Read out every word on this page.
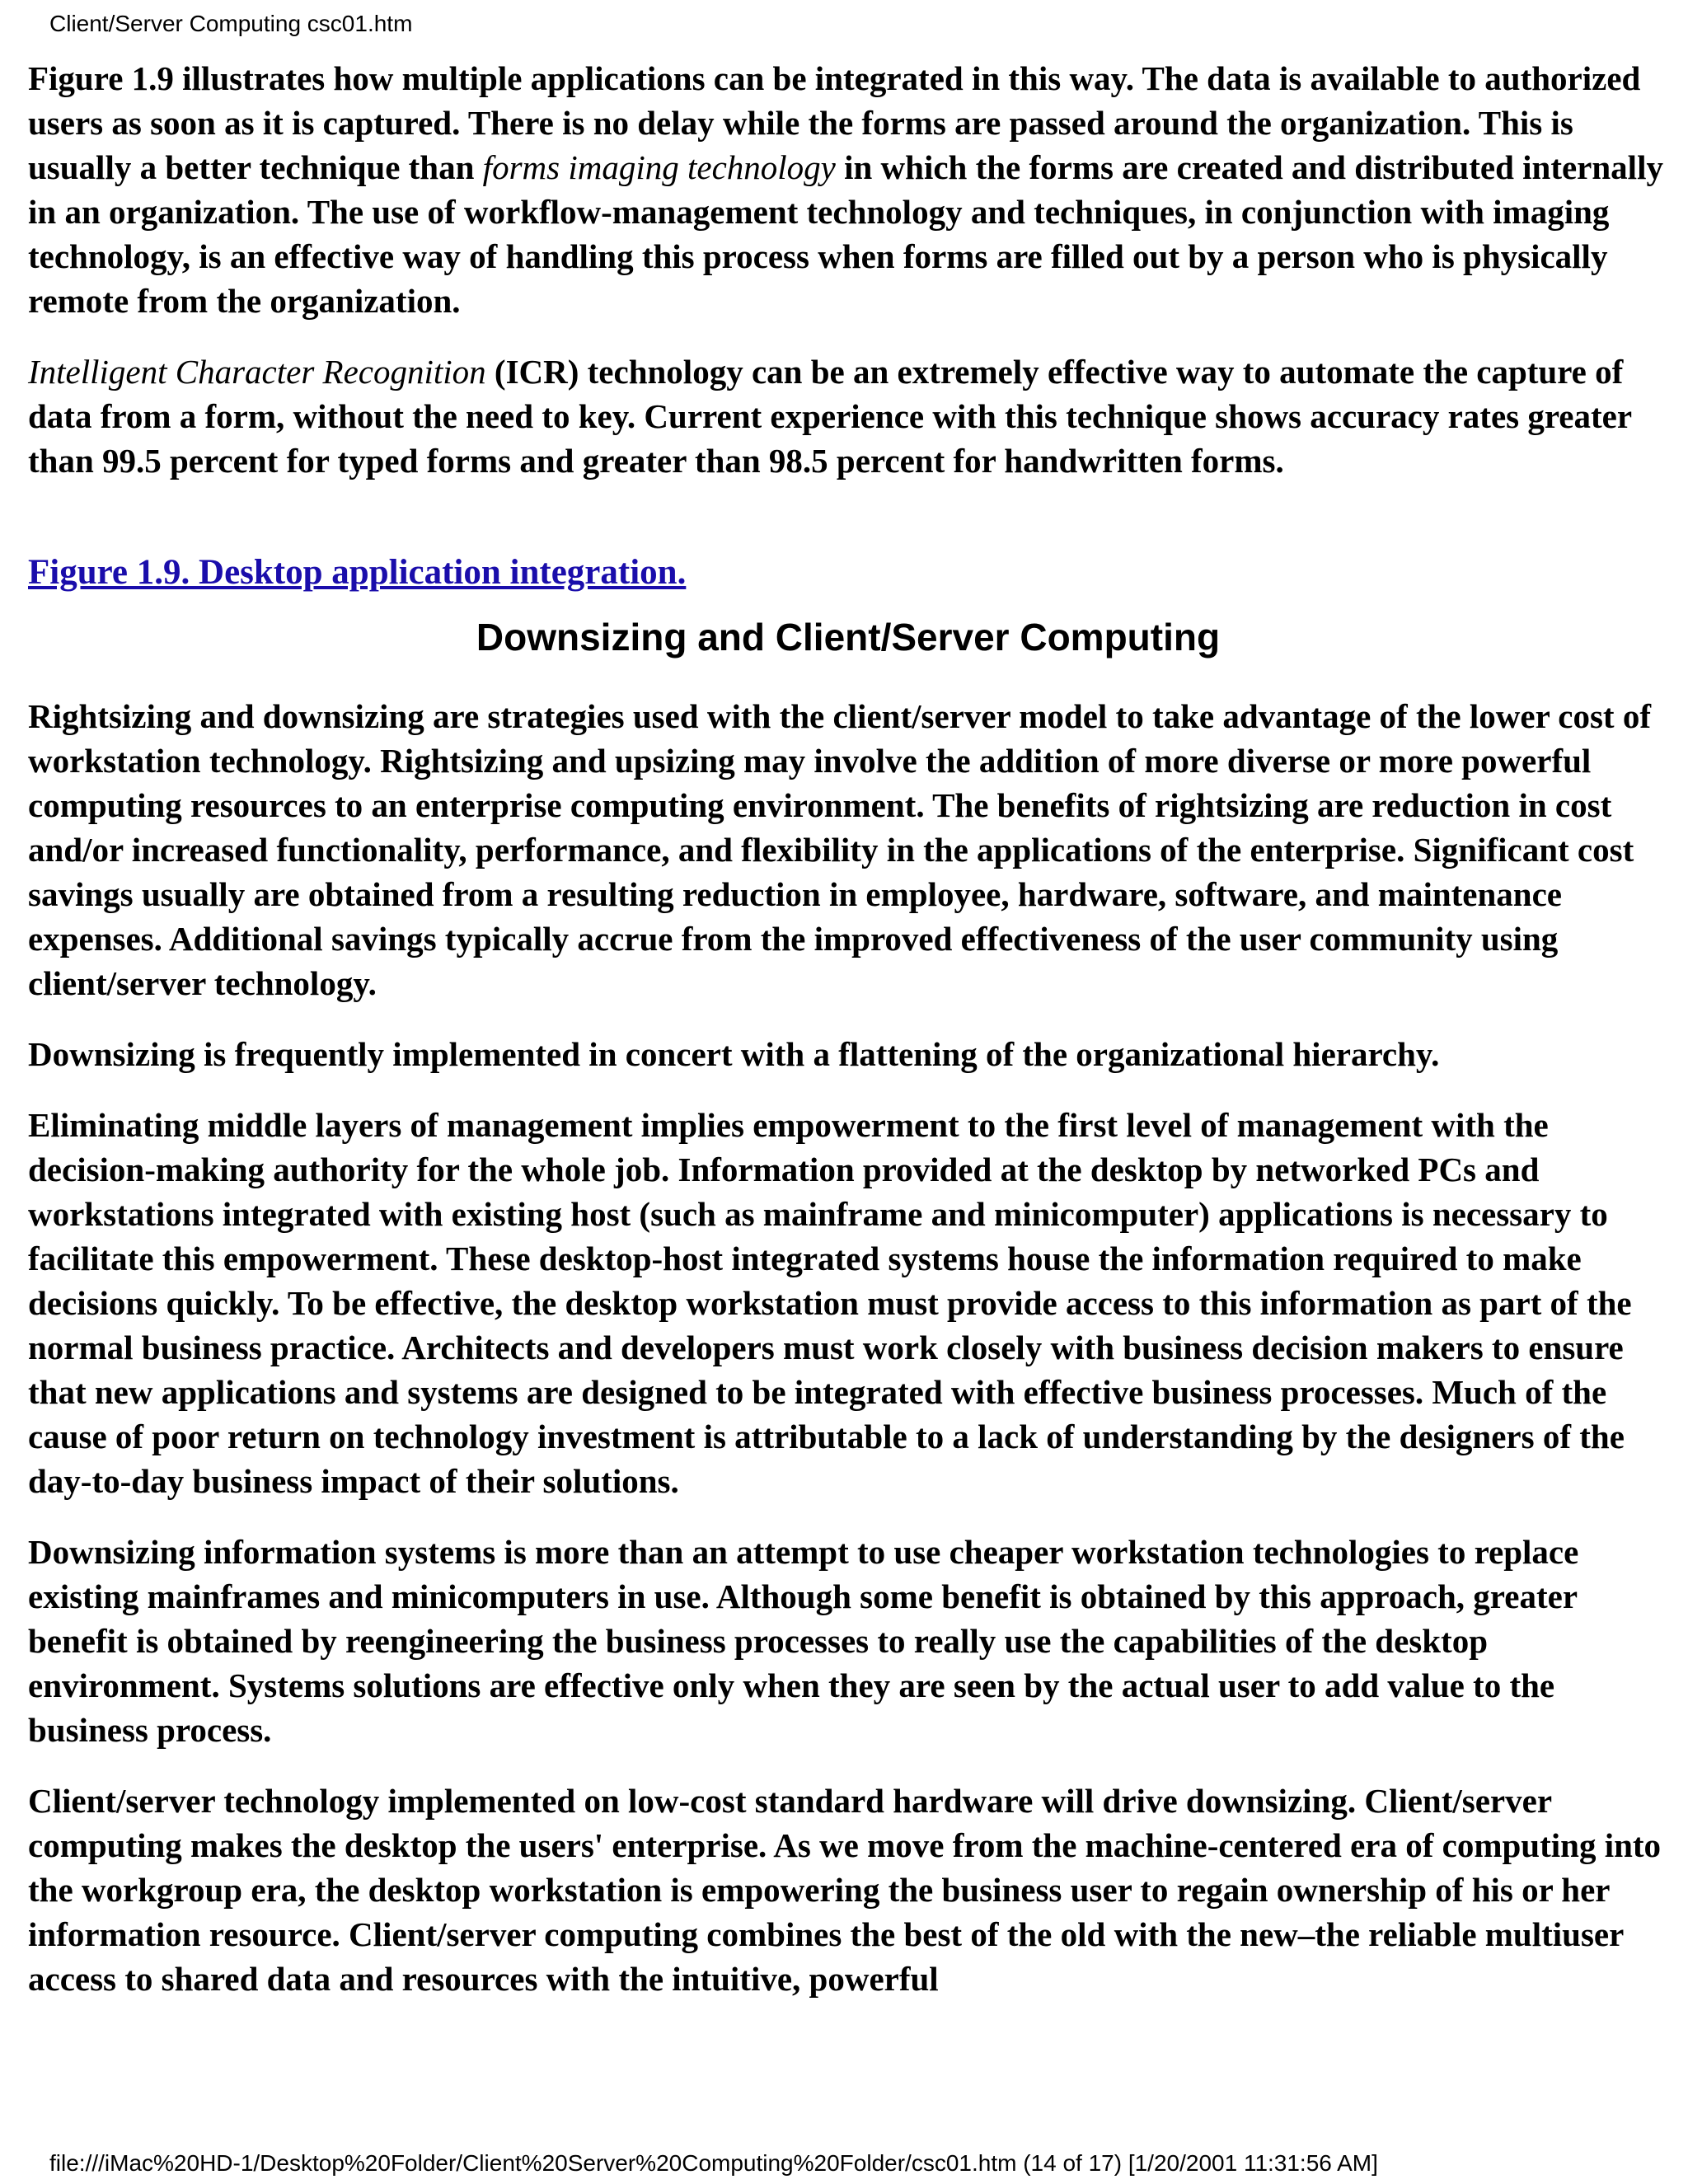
Client/Server Computing csc01.htm

Figure 1.9 illustrates how multiple applications can be integrated in this way. The data is available to authorized users as soon as it is captured. There is no delay while the forms are passed around the organization. This is usually a better technique than forms imaging technology in which the forms are created and distributed internally in an organization. The use of workflow-management technology and techniques, in conjunction with imaging technology, is an effective way of handling this process when forms are filled out by a person who is physically remote from the organization.

Intelligent Character Recognition (ICR) technology can be an extremely effective way to automate the capture of data from a form, without the need to key. Current experience with this technique shows accuracy rates greater than 99.5 percent for typed forms and greater than 98.5 percent for handwritten forms.

Figure 1.9. Desktop application integration.
Downsizing and Client/Server Computing

Rightsizing and downsizing are strategies used with the client/server model to take advantage of the lower cost of workstation technology. Rightsizing and upsizing may involve the addition of more diverse or more powerful computing resources to an enterprise computing environment. The benefits of rightsizing are reduction in cost and/or increased functionality, performance, and flexibility in the applications of the enterprise. Significant cost savings usually are obtained from a resulting reduction in employee, hardware, software, and maintenance expenses. Additional savings typically accrue from the improved effectiveness of the user community using client/server technology.

Downsizing is frequently implemented in concert with a flattening of the organizational hierarchy.

Eliminating middle layers of management implies empowerment to the first level of management with the decision-making authority for the whole job. Information provided at the desktop by networked PCs and workstations integrated with existing host (such as mainframe and minicomputer) applications is necessary to facilitate this empowerment. These desktop-host integrated systems house the information required to make decisions quickly. To be effective, the desktop workstation must provide access to this information as part of the normal business practice. Architects and developers must work closely with business decision makers to ensure that new applications and systems are designed to be integrated with effective business processes. Much of the cause of poor return on technology investment is attributable to a lack of understanding by the designers of the day-to-day business impact of their solutions.

Downsizing information systems is more than an attempt to use cheaper workstation technologies to replace existing mainframes and minicomputers in use. Although some benefit is obtained by this approach, greater benefit is obtained by reengineering the business processes to really use the capabilities of the desktop environment. Systems solutions are effective only when they are seen by the actual user to add value to the business process.

Client/server technology implemented on low-cost standard hardware will drive downsizing. Client/server computing makes the desktop the users' enterprise. As we move from the machine-centered era of computing into the workgroup era, the desktop workstation is empowering the business user to regain ownership of his or her information resource. Client/server computing combines the best of the old with the new–the reliable multiuser access to shared data and resources with the intuitive, powerful

file:///iMac%20HD-1/Desktop%20Folder/Client%20Server%20Computing%20Folder/csc01.htm (14 of 17) [1/20/2001 11:31:56 AM]
